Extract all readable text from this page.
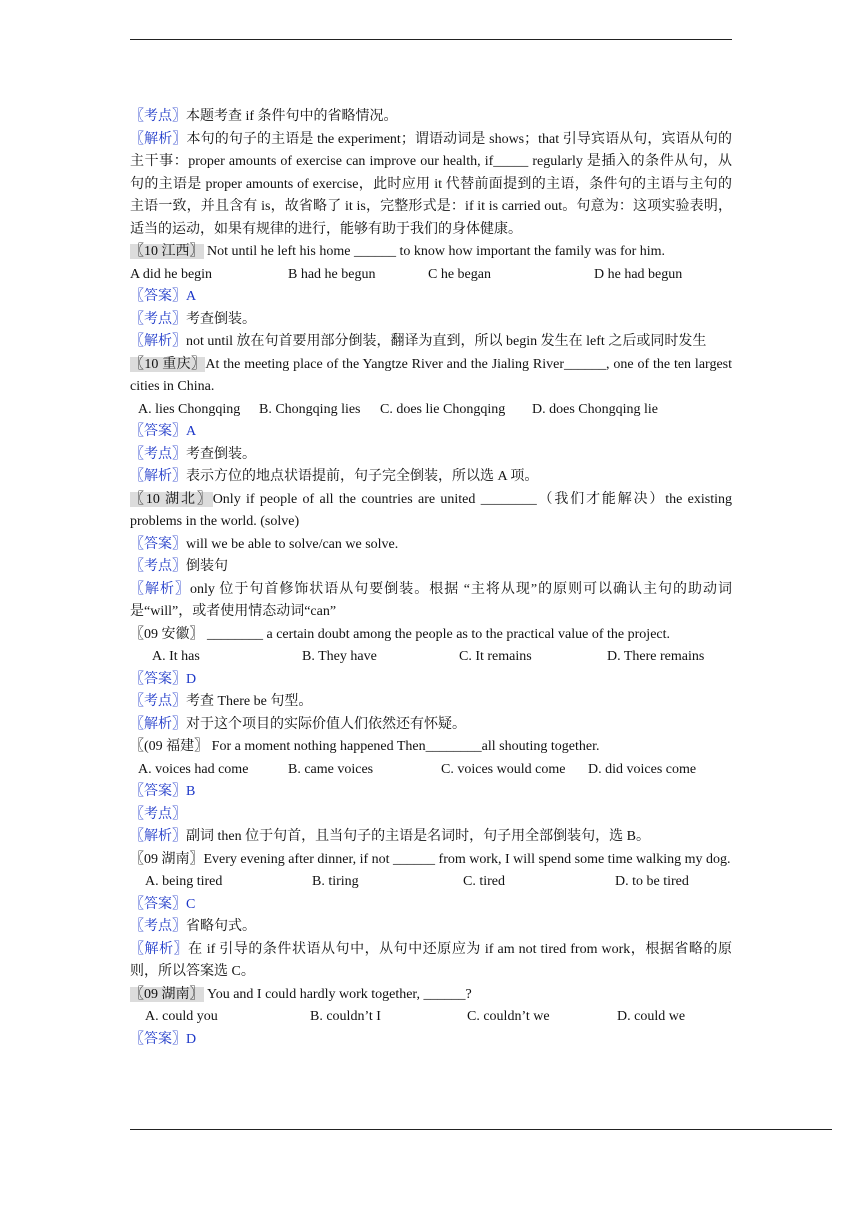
〖考点〗本题考查 if 条件句中的省略情况。
〖解析〗本句的句子的主语是 the experiment；谓语动词是 shows；that 引导宾语从句，宾语从句的主干事：proper amounts of exercise can improve our health, if_____ regularly 是插入的条件从句，从句的主语是 proper amounts of exercise，此时应用 it 代替前面提到的主语，条件句的主语与主句的主语一致，并且含有 is，故省略了 it is，完整形式是：if it is carried out。句意为：这项实验表明，适当的运动，如果有规律的进行，能够有助于我们的身体健康。
〖10 江西〗 Not until he left his home ______ to know how important the family was for him.
A did he begin	B had he begun	C he began	D he had begun
〖答案〗A
〖考点〗考查倒装。
〖解析〗not until 放在句首要用部分倒装，翻译为直到，所以 begin 发生在 left 之后或同时发生
〖10 重庆〗At the meeting place of the Yangtze River and the Jialing River______, one of the ten largest cities in China.
A. lies Chongqing	B. Chongqing lies	C. does lie Chongqing	D. does Chongqing lie
〖答案〗A
〖考点〗考查倒装。
〖解析〗表示方位的地点状语提前，句子完全倒装，所以选 A 项。
〖10 湖北〗Only if people of all the countries are united ________（我们才能解决）the existing problems in the world. (solve)
〖答案〗will we be able to solve/can we solve.
〖考点〗倒装句
〖解析〗only 位于句首修饰状语从句要倒装。根据 “主将从现”的原则可以确认主句的助动词是“will”，或者使用情态动词“can”
〖09 安徽〗 ________ a certain doubt among the people as to the practical value of the project.
A. It has	B. They have	C. It remains	D. There remains
〖答案〗D
〖考点〗考查 There be 句型。
〖解析〗对于这个项目的实际价值人们依然还有怀疑。
〖(09 福建〗 For a moment nothing happened Then________all shouting together.
A. voices had come	B. came voices	C. voices would come	D. did voices come
〖答案〗B
〖考点〗
〖解析〗副词 then 位于句首，且当句子的主语是名词时，句子用全部倒装句，选 B。
〖09 湖南〗Every evening after dinner, if not ______ from work, I will spend some time walking my dog.
A. being tired	B. tiring	C. tired	D. to be tired
〖答案〗C
〖考点〗省略句式。
〖解析〗在 if 引导的条件状语从句中，从句中还原应为 if am not tired from work，根据省略的原则，所以答案选 C。
〖09 湖南〗 You and I could hardly work together, ______?
A. could you	B. couldn’t I	C. couldn’t we	D. could we
〖答案〗D
